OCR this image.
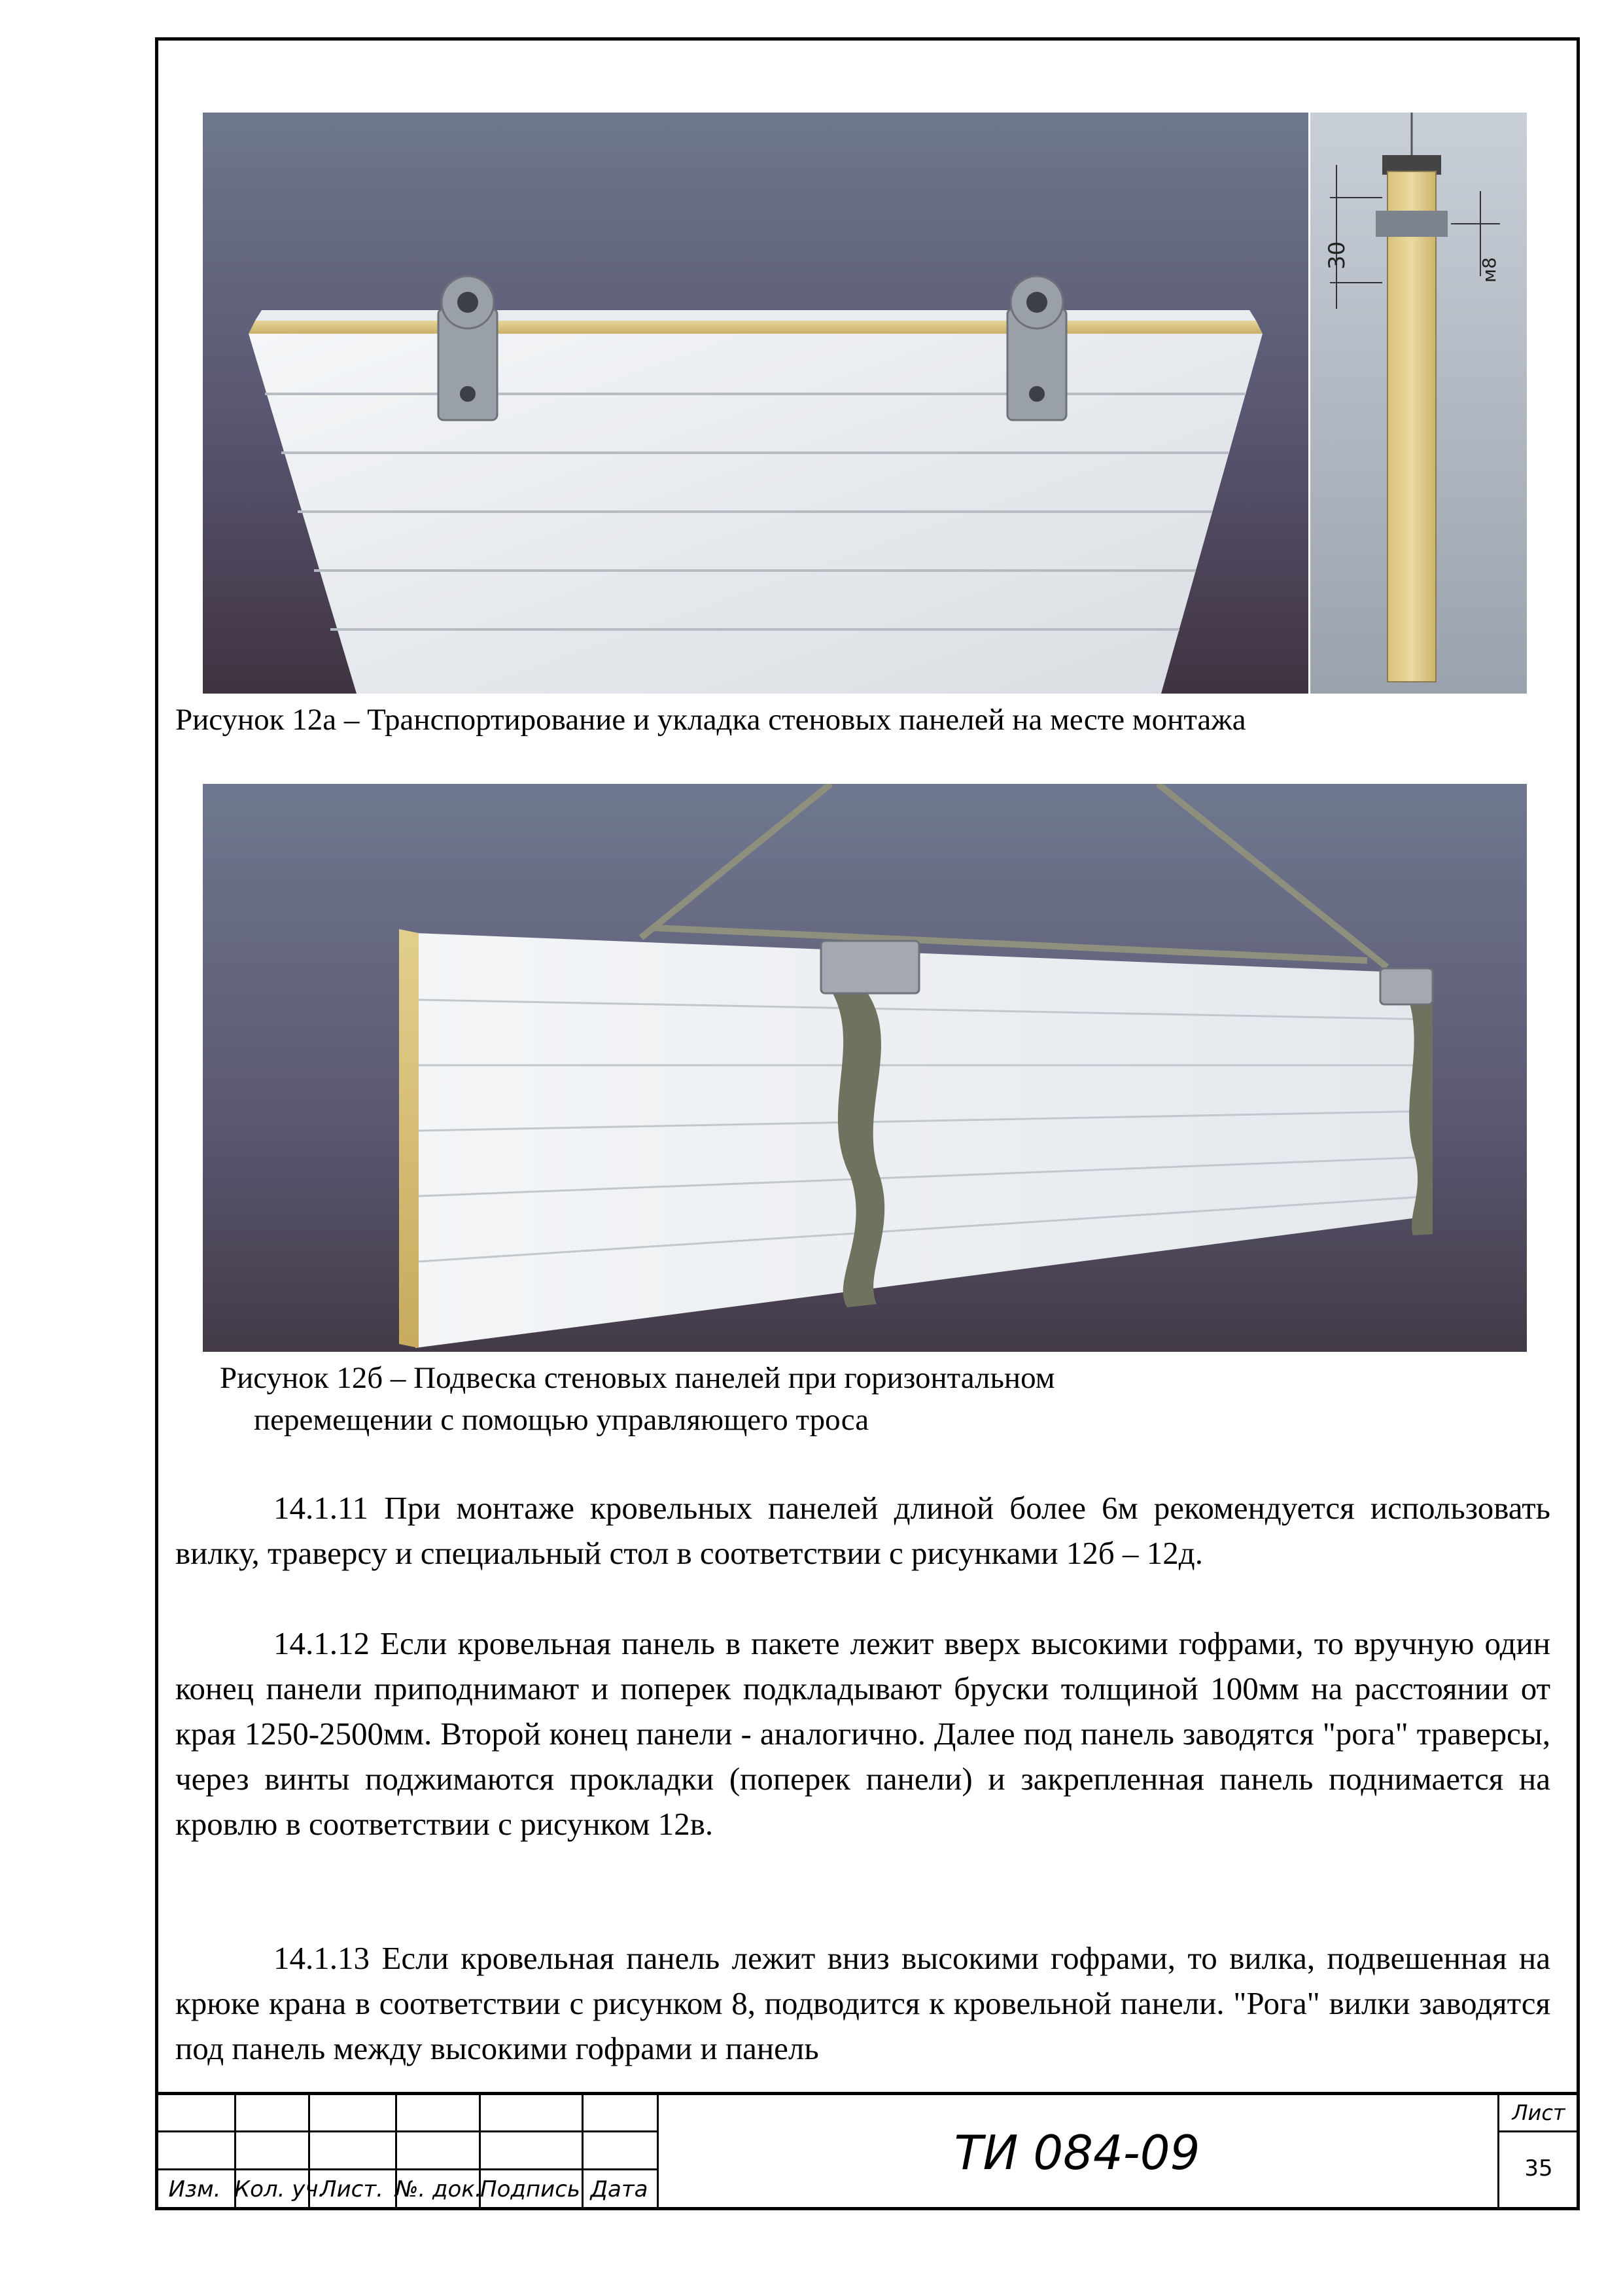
30
м8
Рисунок 12а – Транспортирование и укладка стеновых панелей на месте монтажа
Рисунок 12б – Подвеска стеновых панелей при горизонтальном
перемещении с помощью управляющего троса

14.1.11 При монтаже кровельных панелей длиной более 6м рекомендуется использовать вилку, траверсу и специальный стол в соответствии с рисунками 12б – 12д.

14.1.12 Если кровельная панель в пакете лежит вверх высокими гофрами, то вручную один конец панели приподнимают и поперек подкладывают бруски толщиной 100мм на расстоянии от края 1250-2500мм. Второй конец панели - аналогично. Далее под панель заводятся "рога" траверсы, через винты поджимаются прокладки (поперек панели) и закрепленная панель поднимается на кровлю в соответствии с рисунком 12в.

14.1.13 Если кровельная панель лежит вниз высокими гофрами, то вилка, подвешенная на крюке крана в соответствии с рисунком 8, подводится к кровельной панели. "Рога" вилки заводятся под панель между высокими гофрами и панель

Изм. Кол. уч.
Лист. №. док.
Подпись Дата
ТИ 084-09
Лист
35
